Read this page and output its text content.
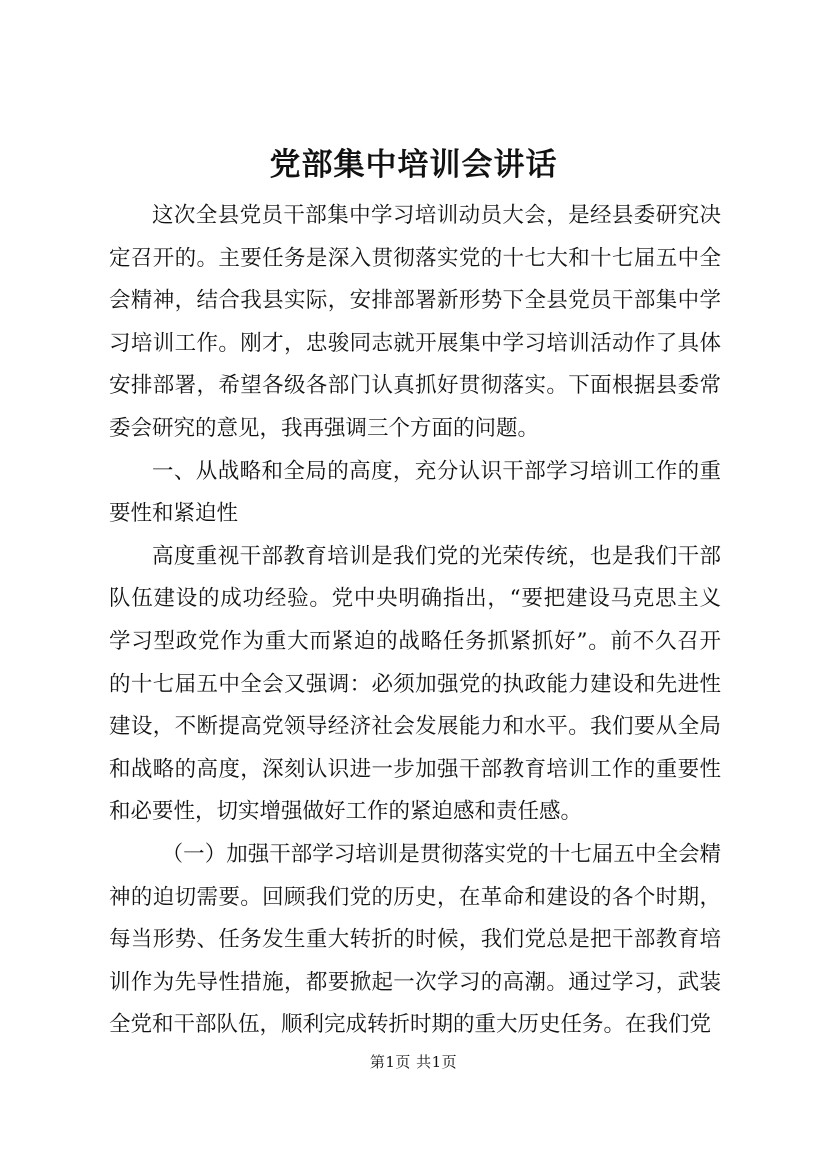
党部集中培训会讲话

这次全县党员干部集中学习培训动员大会，是经县委研究决定召开的。主要任务是深入贯彻落实党的十七大和十七届五中全会精神，结合我县实际，安排部署新形势下全县党员干部集中学习培训工作。刚才，忠骏同志就开展集中学习培训活动作了具体安排部署，希望各级各部门认真抓好贯彻落实。下面根据县委常委会研究的意见，我再强调三个方面的问题。

一、从战略和全局的高度，充分认识干部学习培训工作的重要性和紧迫性

高度重视干部教育培训是我们党的光荣传统，也是我们干部队伍建设的成功经验。党中央明确指出，“要把建设马克思主义学习型政党作为重大而紧迫的战略任务抓紧抓好”。前不久召开的十七届五中全会又强调：必须加强党的执政能力建设和先进性建设，不断提高党领导经济社会发展能力和水平。我们要从全局和战略的高度，深刻认识进一步加强干部教育培训工作的重要性和必要性，切实增强做好工作的紧迫感和责任感。

（一）加强干部学习培训是贯彻落实党的十七届五中全会精神的迫切需要。回顾我们党的历史，在革命和建设的各个时期，每当形势、任务发生重大转折的时候，我们党总是把干部教育培训作为先导性措施，都要掀起一次学习的高潮。通过学习，武装全党和干部队伍，顺利完成转折时期的重大历史任务。在我们党

第1页 共1页
